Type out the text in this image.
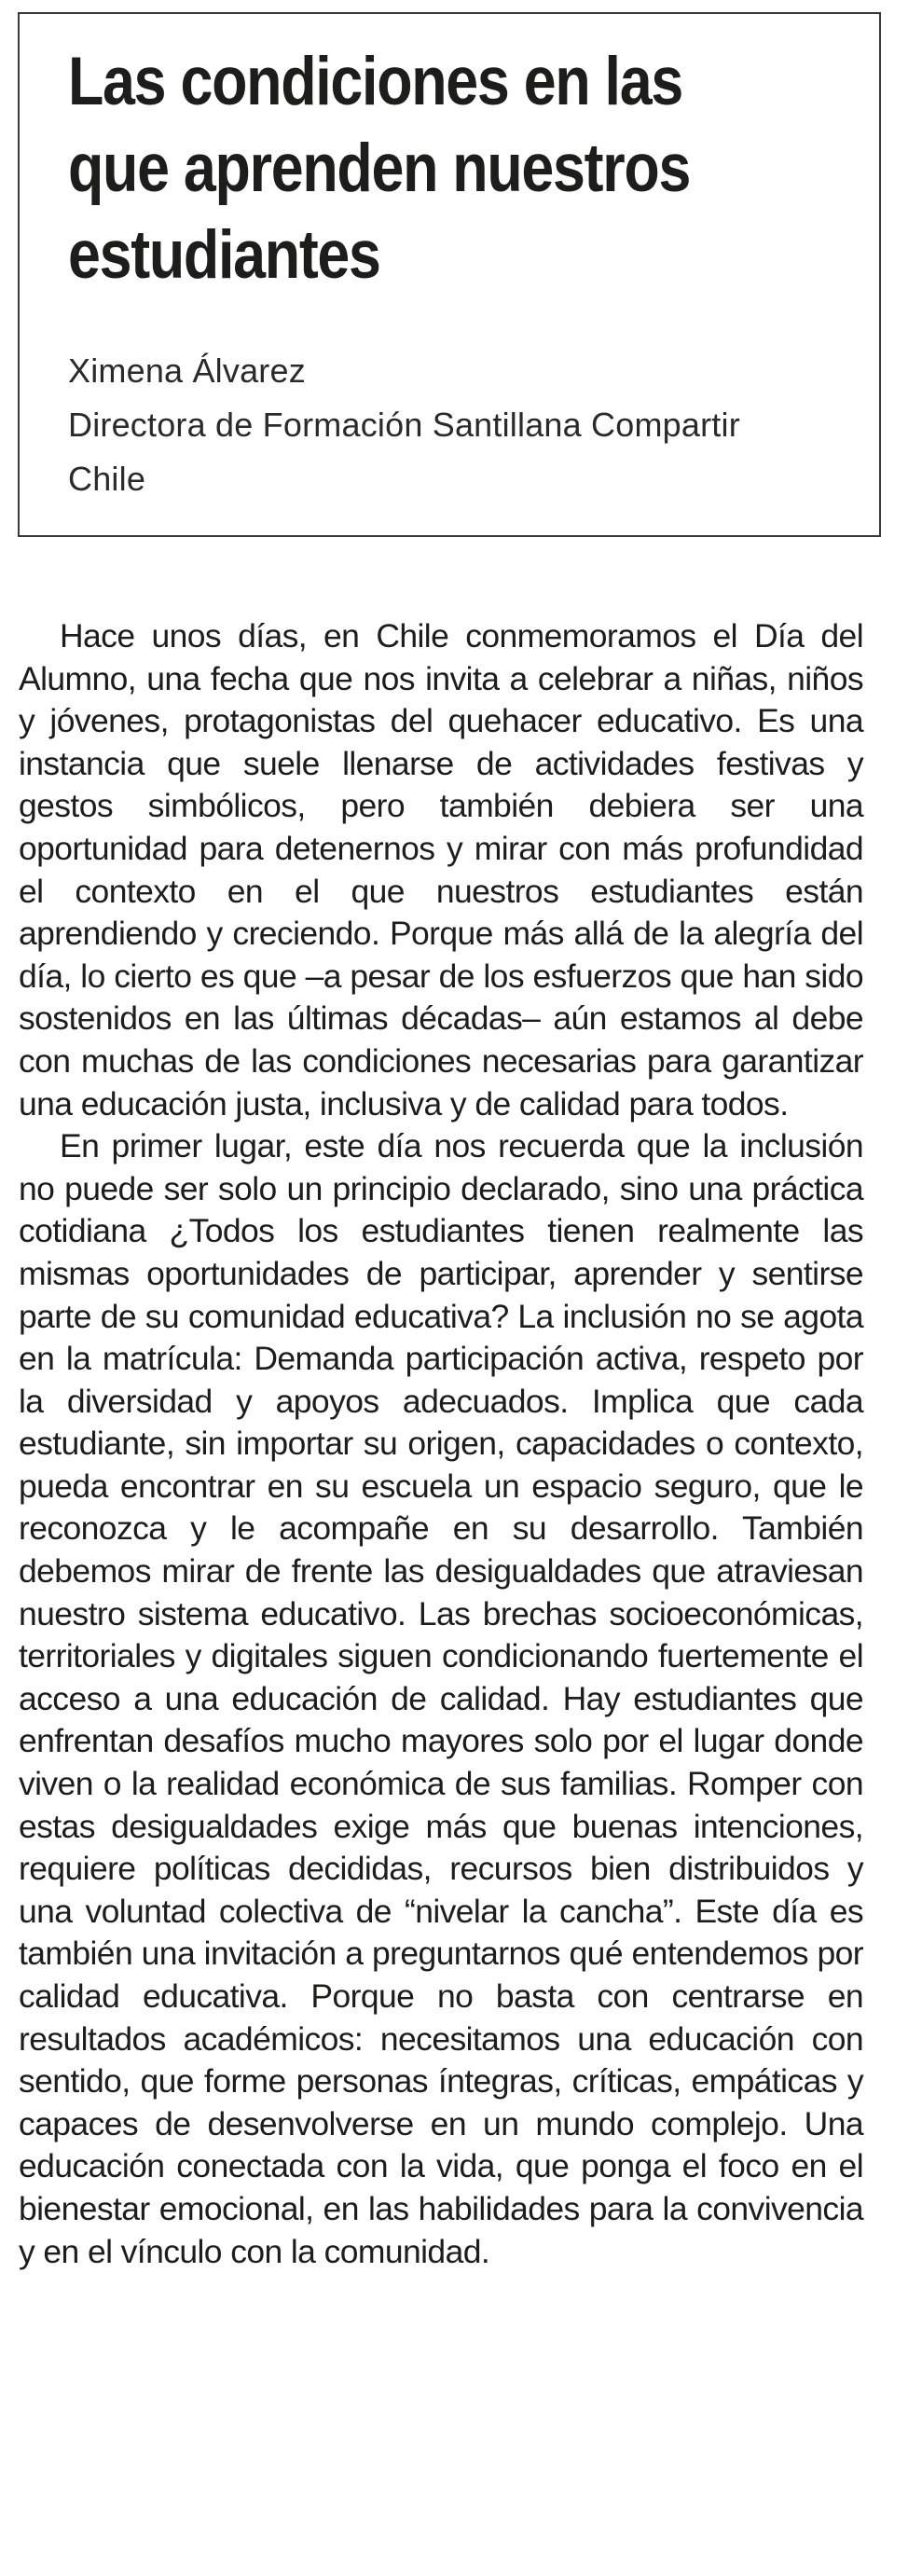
Las condiciones en las
que aprenden nuestros
estudiantes
Ximena Álvarez
Directora de Formación Santillana Compartir
Chile

Hace unos días, en Chile conmemoramos el Día del Alumno, una fecha que nos invita a celebrar a niñas, niños y jóvenes, protagonistas del quehacer educativo. Es una instancia que suele llenarse de actividades festivas y gestos simbólicos, pero también debiera ser una oportunidad para detenernos y mirar con más profundidad el contexto en el que nuestros estudiantes están aprendiendo y creciendo. Porque más allá de la alegría del día, lo cierto es que –a pesar de los esfuerzos que han sido sostenidos en las últimas décadas– aún estamos al debe con muchas de las condiciones necesarias para garantizar una educación justa, inclusiva y de calidad para todos.

En primer lugar, este día nos recuerda que la inclusión no puede ser solo un principio declarado, sino una práctica cotidiana ¿Todos los estudiantes tienen realmente las mismas oportunidades de participar, aprender y sentirse parte de su comunidad educativa? La inclusión no se agota en la matrícula: Demanda participación activa, respeto por la diversidad y apoyos adecuados. Implica que cada estudiante, sin importar su origen, capacidades o contexto, pueda encontrar en su escuela un espacio seguro, que le reconozca y le acompañe en su desarrollo. También debemos mirar de frente las desigualdades que atraviesan nuestro sistema educativo. Las brechas socioeconómicas, territoriales y digitales siguen condicionando fuertemente el acceso a una educación de calidad. Hay estudiantes que enfrentan desafíos mucho mayores solo por el lugar donde viven o la realidad económica de sus familias. Romper con estas desigualdades exige más que buenas intenciones, requiere políticas decididas, recursos bien distribuidos y una voluntad colectiva de “nivelar la cancha”. Este día es también una invitación a preguntarnos qué entendemos por calidad educativa. Porque no basta con centrarse en resultados académicos: necesitamos una educación con sentido, que forme personas íntegras, críticas, empáticas y capaces de desenvolverse en un mundo complejo. Una educación conectada con la vida, que ponga el foco en el bienestar emocional, en las habilidades para la convivencia y en el vínculo con la comunidad.
